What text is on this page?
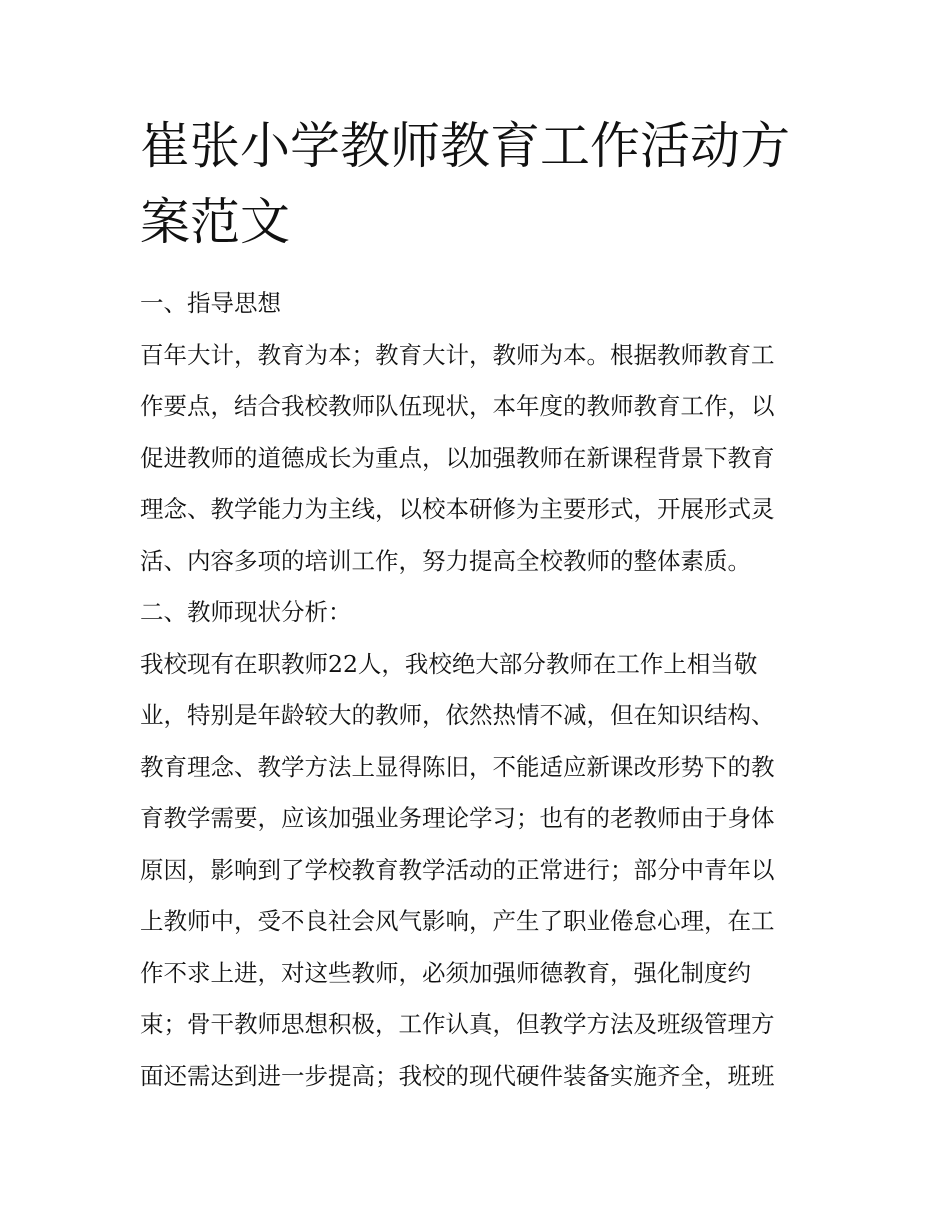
崔张小学教师教育工作活动方
案范文

一、指导思想

百年大计，教育为本；教育大计，教师为本。根据教师教育工

作要点，结合我校教师队伍现状，本年度的教师教育工作，以

促进教师的道德成长为重点，以加强教师在新课程背景下教育

理念、教学能力为主线，以校本研修为主要形式，开展形式灵

活、内容多项的培训工作，努力提高全校教师的整体素质。

二、教师现状分析：

我校现有在职教师22人，我校绝大部分教师在工作上相当敬

业，特别是年龄较大的教师，依然热情不减，但在知识结构、

教育理念、教学方法上显得陈旧，不能适应新课改形势下的教

育教学需要，应该加强业务理论学习；也有的老教师由于身体

原因，影响到了学校教育教学活动的正常进行；部分中青年以

上教师中，受不良社会风气影响，产生了职业倦怠心理，在工

作不求上进，对这些教师，必须加强师德教育，强化制度约

束；骨干教师思想积极，工作认真，但教学方法及班级管理方

面还需达到进一步提高；我校的现代硬件装备实施齐全，班班
